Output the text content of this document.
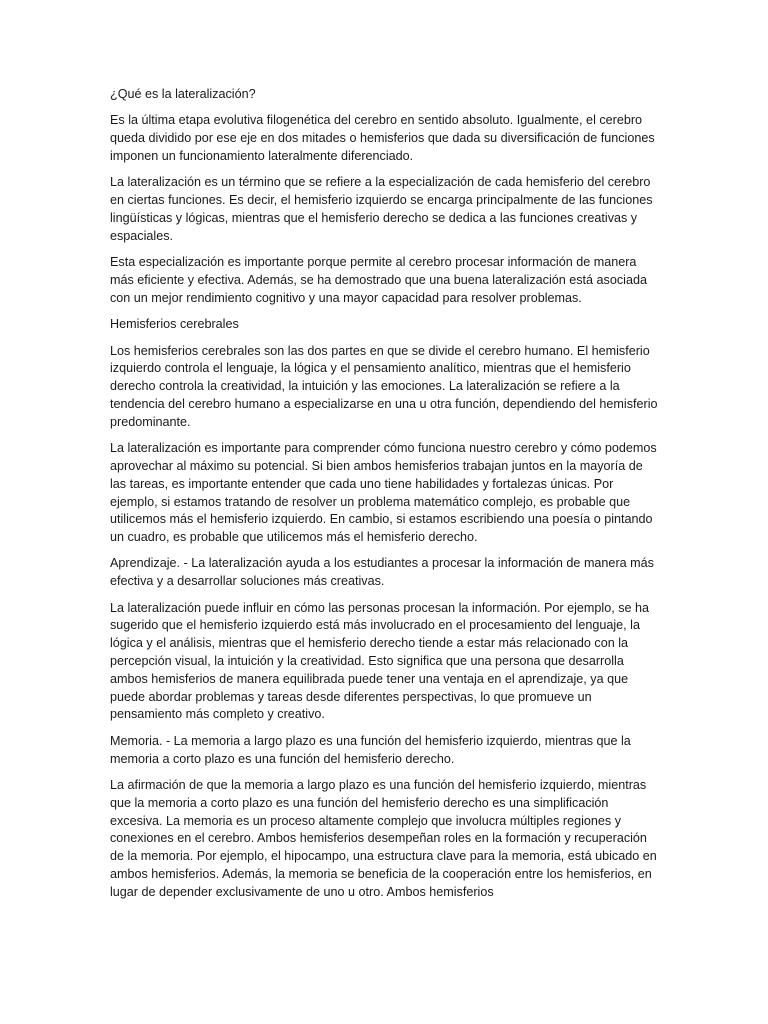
¿Qué es la lateralización?

Es la última etapa evolutiva filogenética del cerebro en sentido absoluto. Igualmente, el cerebro queda dividido por ese eje en dos mitades o hemisferios que dada su diversificación de funciones imponen un funcionamiento lateralmente diferenciado.

La lateralización es un término que se refiere a la especialización de cada hemisferio del cerebro en ciertas funciones. Es decir, el hemisferio izquierdo se encarga principalmente de las funciones lingüísticas y lógicas, mientras que el hemisferio derecho se dedica a las funciones creativas y espaciales.

Esta especialización es importante porque permite al cerebro procesar información de manera más eficiente y efectiva. Además, se ha demostrado que una buena lateralización está asociada con un mejor rendimiento cognitivo y una mayor capacidad para resolver problemas.

Hemisferios cerebrales

Los hemisferios cerebrales son las dos partes en que se divide el cerebro humano. El hemisferio izquierdo controla el lenguaje, la lógica y el pensamiento analítico, mientras que el hemisferio derecho controla la creatividad, la intuición y las emociones. La lateralización se refiere a la tendencia del cerebro humano a especializarse en una u otra función, dependiendo del hemisferio predominante.

La lateralización es importante para comprender cómo funciona nuestro cerebro y cómo podemos aprovechar al máximo su potencial. Si bien ambos hemisferios trabajan juntos en la mayoría de las tareas, es importante entender que cada uno tiene habilidades y fortalezas únicas. Por ejemplo, si estamos tratando de resolver un problema matemático complejo, es probable que utilicemos más el hemisferio izquierdo. En cambio, si estamos escribiendo una poesía o pintando un cuadro, es probable que utilicemos más el hemisferio derecho.

Aprendizaje. - La lateralización ayuda a los estudiantes a procesar la información de manera más efectiva y a desarrollar soluciones más creativas.

La lateralización puede influir en cómo las personas procesan la información. Por ejemplo, se ha sugerido que el hemisferio izquierdo está más involucrado en el procesamiento del lenguaje, la lógica y el análisis, mientras que el hemisferio derecho tiende a estar más relacionado con la percepción visual, la intuición y la creatividad. Esto significa que una persona que desarrolla ambos hemisferios de manera equilibrada puede tener una ventaja en el aprendizaje, ya que puede abordar problemas y tareas desde diferentes perspectivas, lo que promueve un pensamiento más completo y creativo.

Memoria. - La memoria a largo plazo es una función del hemisferio izquierdo, mientras que la memoria a corto plazo es una función del hemisferio derecho.

La afirmación de que la memoria a largo plazo es una función del hemisferio izquierdo, mientras que la memoria a corto plazo es una función del hemisferio derecho es una simplificación excesiva. La memoria es un proceso altamente complejo que involucra múltiples regiones y conexiones en el cerebro. Ambos hemisferios desempeñan roles en la formación y recuperación de la memoria. Por ejemplo, el hipocampo, una estructura clave para la memoria, está ubicado en ambos hemisferios. Además, la memoria se beneficia de la cooperación entre los hemisferios, en lugar de depender exclusivamente de uno u otro. Ambos hemisferios
